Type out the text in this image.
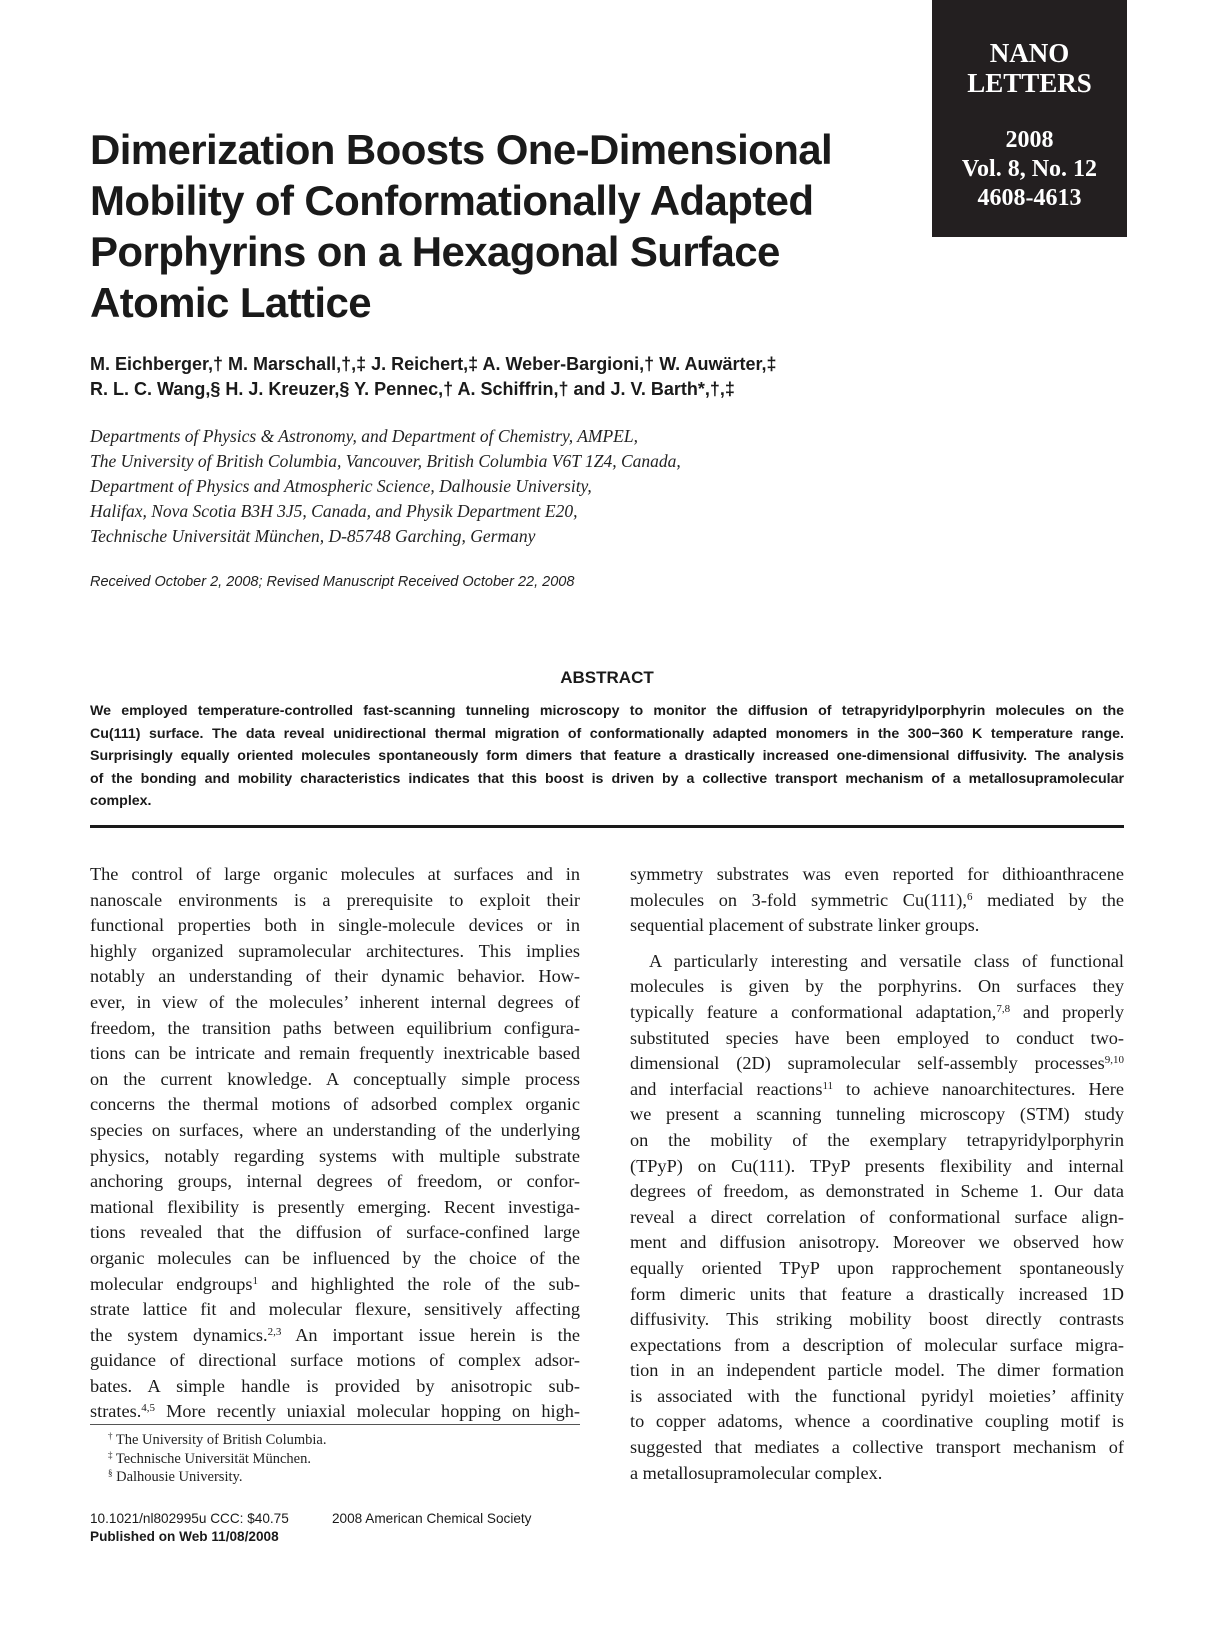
NANO
LETTERS
2008
Vol. 8, No. 12
4608-4613
Dimerization Boosts One-Dimensional
Mobility of Conformationally Adapted
Porphyrins on a Hexagonal Surface
Atomic Lattice
M. Eichberger,† M. Marschall,†,‡ J. Reichert,‡ A. Weber-Bargioni,† W. Auwärter,‡
R. L. C. Wang,§ H. J. Kreuzer,§ Y. Pennec,† A. Schiffrin,† and J. V. Barth*,†,‡
Departments of Physics & Astronomy, and Department of Chemistry, AMPEL,
The University of British Columbia, Vancouver, British Columbia V6T 1Z4, Canada,
Department of Physics and Atmospheric Science, Dalhousie University,
Halifax, Nova Scotia B3H 3J5, Canada, and Physik Department E20,
Technische Universität München, D-85748 Garching, Germany
Received October 2, 2008; Revised Manuscript Received October 22, 2008
ABSTRACT
We employed temperature-controlled fast-scanning tunneling microscopy to monitor the diffusion of tetrapyridylporphyrin molecules on the
Cu(111) surface. The data reveal unidirectional thermal migration of conformationally adapted monomers in the 300−360 K temperature range.
Surprisingly equally oriented molecules spontaneously form dimers that feature a drastically increased one-dimensional diffusivity. The analysis
of the bonding and mobility characteristics indicates that this boost is driven by a collective transport mechanism of a metallosupramolecular
complex.
The control of large organic molecules at surfaces and in
nanoscale environments is a prerequisite to exploit their
functional properties both in single-molecule devices or in
highly organized supramolecular architectures. This implies
notably an understanding of their dynamic behavior. How-
ever, in view of the molecules’ inherent internal degrees of
freedom, the transition paths between equilibrium configura-
tions can be intricate and remain frequently inextricable based
on the current knowledge. A conceptually simple process
concerns the thermal motions of adsorbed complex organic
species on surfaces, where an understanding of the underlying
physics, notably regarding systems with multiple substrate
anchoring groups, internal degrees of freedom, or confor-
mational flexibility is presently emerging. Recent investiga-
tions revealed that the diffusion of surface-confined large
organic molecules can be influenced by the choice of the
molecular endgroups$^1$ and highlighted the role of the sub-
strate lattice fit and molecular flexure, sensitively affecting
the system dynamics.$^{2,3}$ An important issue herein is the
guidance of directional surface motions of complex adsor-
bates. A simple handle is provided by anisotropic sub-
strates.$^{4,5}$ More recently uniaxial molecular hopping on high-
symmetry substrates was even reported for dithioanthracene
molecules on 3-fold symmetric Cu(111),$^6$ mediated by the
sequential placement of substrate linker groups.
A particularly interesting and versatile class of functional
molecules is given by the porphyrins. On surfaces they
typically feature a conformational adaptation,$^{7,8}$ and properly
substituted species have been employed to conduct two-
dimensional (2D) supramolecular self-assembly processes$^{9,10}$
and interfacial reactions$^{11}$ to achieve nanoarchitectures. Here
we present a scanning tunneling microscopy (STM) study
on the mobility of the exemplary tetrapyridylporphyrin
(TPyP) on Cu(111). TPyP presents flexibility and internal
degrees of freedom, as demonstrated in Scheme 1. Our data
reveal a direct correlation of conformational surface align-
ment and diffusion anisotropy. Moreover we observed how
equally oriented TPyP upon rapprochement spontaneously
form dimeric units that feature a drastically increased 1D
diffusivity. This striking mobility boost directly contrasts
expectations from a description of molecular surface migra-
tion in an independent particle model. The dimer formation
is associated with the functional pyridyl moieties’ affinity
to copper adatoms, whence a coordinative coupling motif is
suggested that mediates a collective transport mechanism of
a metallosupramolecular complex.
† The University of British Columbia.
‡ Technische Universität München.
§ Dalhousie University.
10.1021/nl802995u CCC: $40.75	2008 American Chemical Society
Published on Web 11/08/2008
